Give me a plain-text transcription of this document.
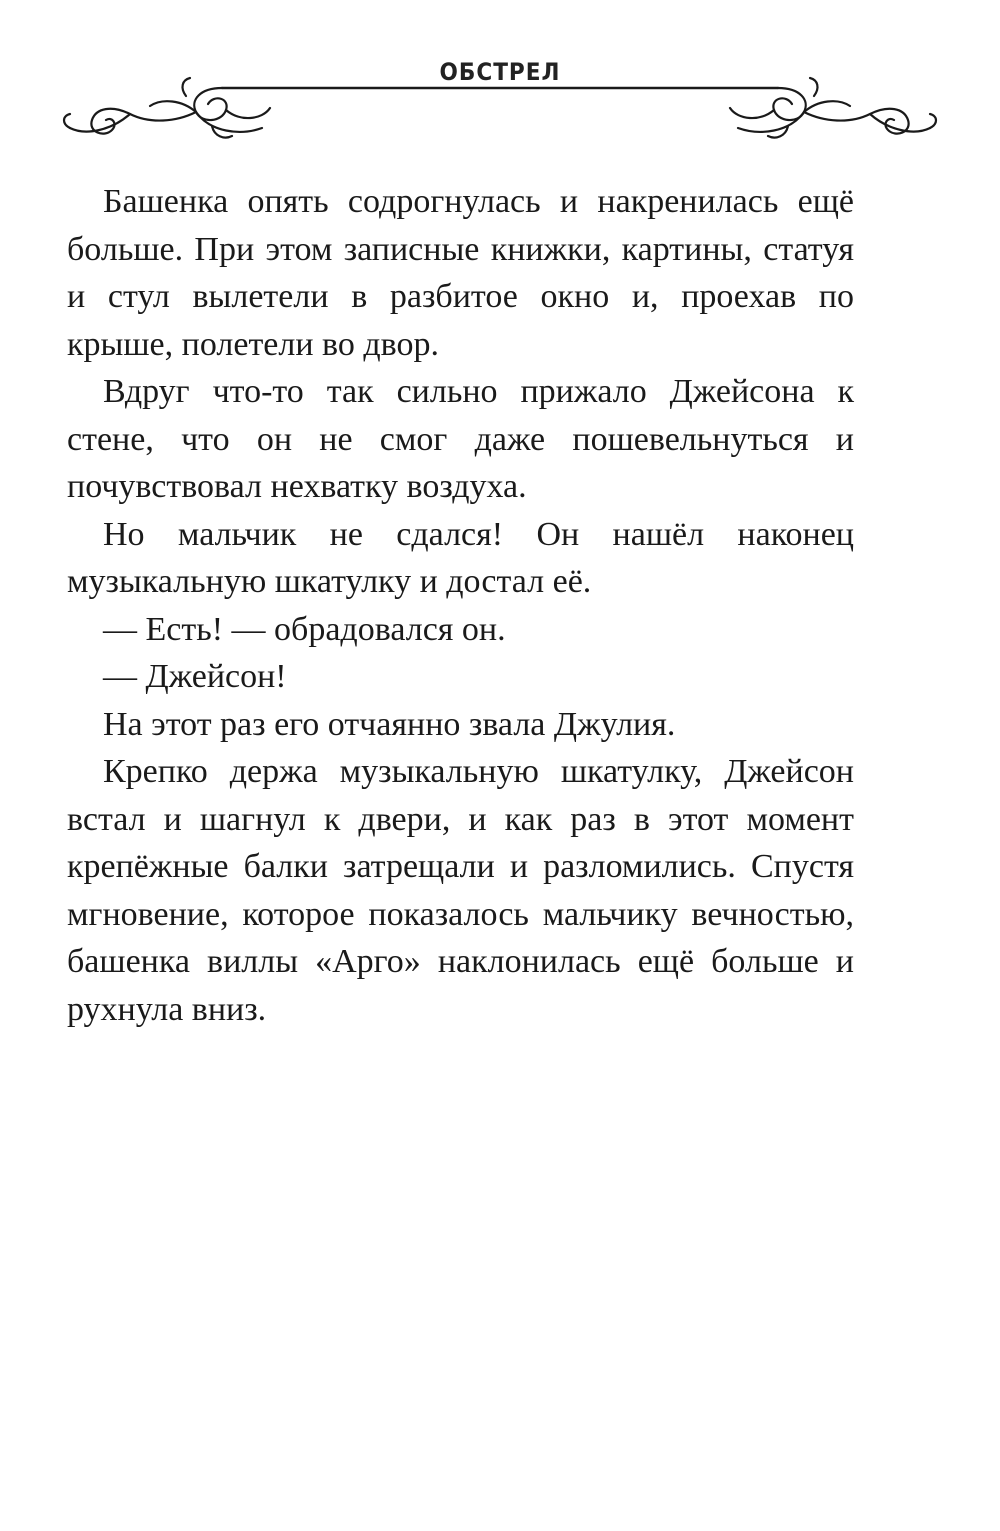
ОБСТРЕЛ

Башенка опять содрогнулась и накренилась ещё больше. При этом записные книжки, картины, статуя и стул вылетели в разбитое окно и, проехав по крыше, полетели во двор.

Вдруг что-то так сильно прижало Джейсона к стене, что он не смог даже пошевельнуться и почувствовал нехватку воздуха.

Но мальчик не сдался! Он нашёл наконец музыкальную шкатулку и достал её.

— Есть! — обрадовался он.

— Джейсон!

На этот раз его отчаянно звала Джулия.

Крепко держа музыкальную шкатулку, Джейсон встал и шагнул к двери, и как раз в этот момент крепёжные балки затрещали и разломились. Спустя мгновение, которое показалось мальчику вечностью, башенка виллы «Арго» наклонилась ещё больше и рухнула вниз.
